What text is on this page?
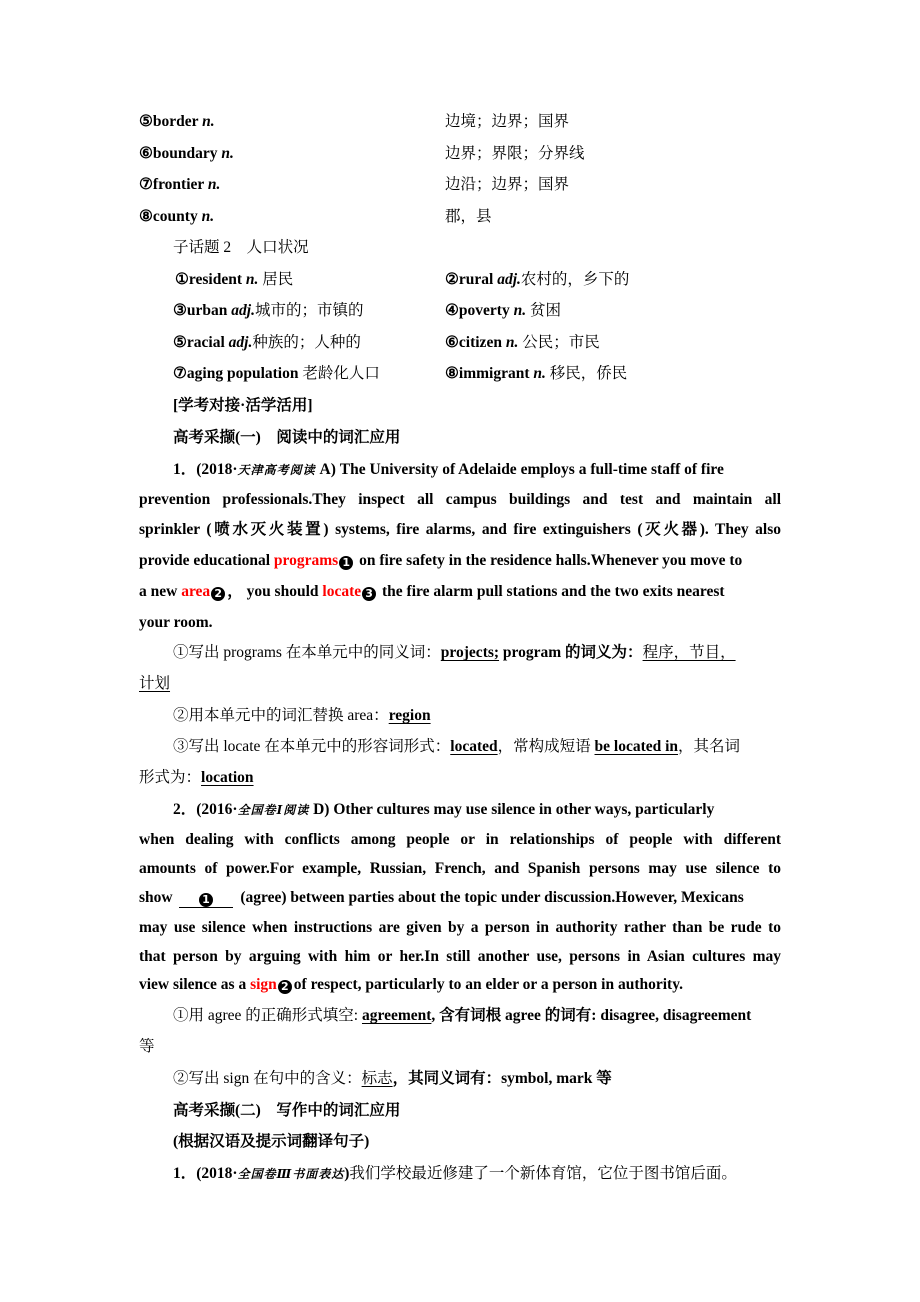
⑤border n.	边境；边界；国界
⑥boundary n.	边界；界限；分界线
⑦frontier n.	边沿；边界；国界
⑧county n.	郡，县
子话题 2　人口状况
①resident n. 居民	②rural adj.农村的，乡下的
③urban adj.城市的；市镇的	④poverty n. 贫困
⑤racial adj.种族的；人种的	⑥citizen n. 公民；市民
⑦aging population 老龄化人口	⑧immigrant n. 移民，侨民
[学考对接·活学活用]
高考采撷(一)　阅读中的词汇应用
1．(2018·天津高考阅读 A) The University of Adelaide employs a full-time staff of fire
prevention professionals.They inspect all campus buildings and test and maintain all
sprinkler (喷水灭火装置) systems, fire alarms, and fire extinguishers (灭火器). They also
provide educational programs 1 on fire safety in the residence halls.Whenever you move to
a new area 2 ， you should locate 3 the fire alarm pull stations and the two exits nearest
your room.
①写出 programs 在本单元中的同义词：projects; program 的词义为：程序，节目，
计划
②用本单元中的词汇替换 area：region
③写出 locate 在本单元中的形容词形式：located，常构成短语 be located in，其名词
形式为：location
2．(2016·全国卷Ⅰ阅读 D) Other cultures may use silence in other ways, particularly
when dealing with conflicts among people or in relationships of people with different
amounts of power.For example, Russian, French, and Spanish persons may use silence to
show 1 (agree) between parties about the topic under discussion.However, Mexicans
may use silence when instructions are given by a person in authority rather than be rude to
that person by arguing with him or her.In still another use, persons in Asian cultures may
view silence as a sign 2 of respect, particularly to an elder or a person in authority.
①用 agree 的正确形式填空: agreement, 含有词根 agree 的词有: disagree, disagreement
等
②写出 sign 在句中的含义：标志，其同义词有：symbol, mark 等
高考采撷(二)　写作中的词汇应用
(根据汉语及提示词翻译句子)
1．(2018·全国卷Ⅲ书面表达)我们学校最近修建了一个新体育馆，它位于图书馆后面。
